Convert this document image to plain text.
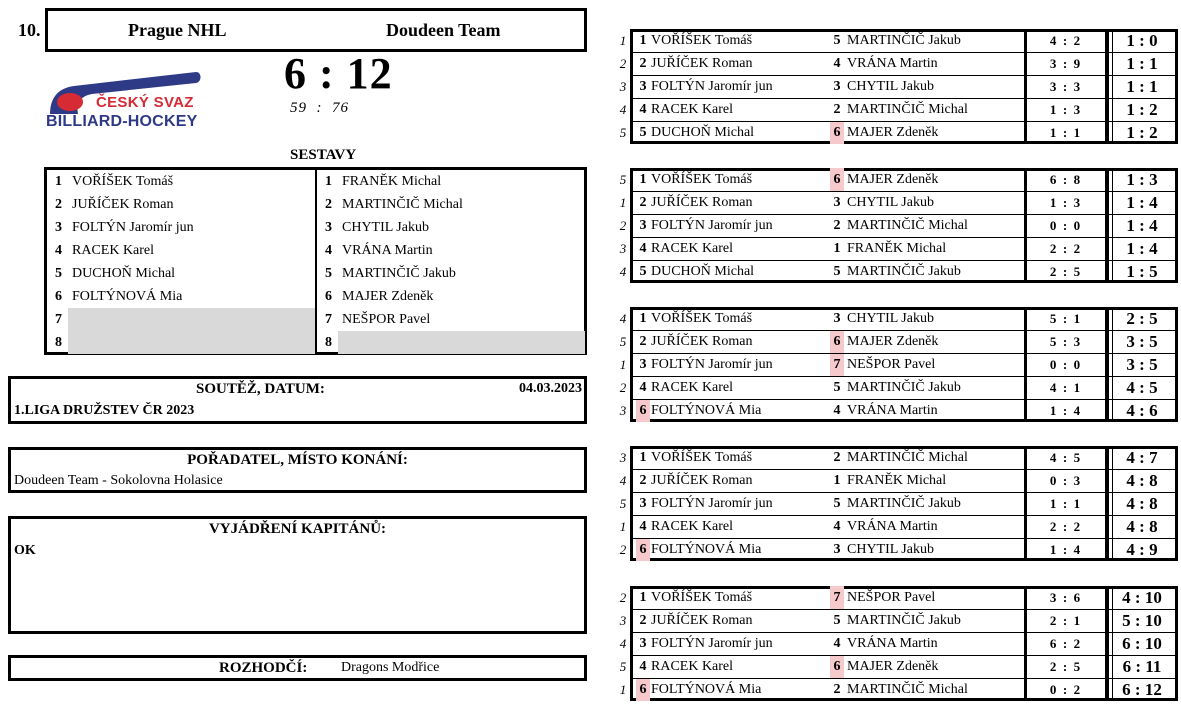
10.	Prague NHL	Doudeen Team
ČESKÝ SVAZ
BILLIARD-HOCKEY
6 : 12
59  :  76
SESTAVY
1 VOŘÍŠEK Tomáš
2 JUŘÍČEK Roman
3 FOLTÝN Jaromír jun
4 RACEK Karel
5 DUCHOŇ Michal
6 FOLTÝNOVÁ Mia
7
8
1 FRANĚK Michal
2 MARTINČIČ Michal
3 CHYTIL Jakub
4 VRÁNA Martin
5 MARTINČIČ Jakub
6 MAJER Zdeněk
7 NEŠPOR Pavel
8
SOUTĚŽ, DATUM:	04.03.2023
1.LIGA DRUŽSTEV ČR 2023
POŘADATEL, MÍSTO KONÁNÍ:
Doudeen Team - Sokolovna Holasice
VYJÁDŘENÍ KAPITÁNŮ:
OK
ROZHODČÍ: Dragons Modřice
1 1 VOŘÍŠEK Tomáš	5 MARTINČIČ Jakub	4  :  2	1 : 0
2 2 JUŘÍČEK Roman	4 VRÁNA Martin	3  :  9	1 : 1
3 3 FOLTÝN Jaromír jun	3 CHYTIL Jakub	3  :  3	1 : 1
4 4 RACEK Karel	2 MARTINČIČ Michal	1  :  3	1 : 2
5 5 DUCHOŇ Michal	6 MAJER Zdeněk	1  :  1	1 : 2
5 1 VOŘÍŠEK Tomáš	6 MAJER Zdeněk	6  :  8	1 : 3
1 2 JUŘÍČEK Roman	3 CHYTIL Jakub	1  :  3	1 : 4
2 3 FOLTÝN Jaromír jun	2 MARTINČIČ Michal	0  :  0	1 : 4
3 4 RACEK Karel	1 FRANĚK Michal	2  :  2	1 : 4
4 5 DUCHOŇ Michal	5 MARTINČIČ Jakub	2  :  5	1 : 5
4 1 VOŘÍŠEK Tomáš	3 CHYTIL Jakub	5  :  1	2 : 5
5 2 JUŘÍČEK Roman	6 MAJER Zdeněk	5  :  3	3 : 5
1 3 FOLTÝN Jaromír jun	7 NEŠPOR Pavel	0  :  0	3 : 5
2 4 RACEK Karel	5 MARTINČIČ Jakub	4  :  1	4 : 5
3 6 FOLTÝNOVÁ Mia	4 VRÁNA Martin	1  :  4	4 : 6
3 1 VOŘÍŠEK Tomáš	2 MARTINČIČ Michal	4  :  5	4 : 7
4 2 JUŘÍČEK Roman	1 FRANĚK Michal	0  :  3	4 : 8
5 3 FOLTÝN Jaromír jun	5 MARTINČIČ Jakub	1  :  1	4 : 8
1 4 RACEK Karel	4 VRÁNA Martin	2  :  2	4 : 8
2 6 FOLTÝNOVÁ Mia	3 CHYTIL Jakub	1  :  4	4 : 9
2 1 VOŘÍŠEK Tomáš	7 NEŠPOR Pavel	3  :  6	4 : 10
3 2 JUŘÍČEK Roman	5 MARTINČIČ Jakub	2  :  1	5 : 10
4 3 FOLTÝN Jaromír jun	4 VRÁNA Martin	6  :  2	6 : 10
5 4 RACEK Karel	6 MAJER Zdeněk	2  :  5	6 : 11
1 6 FOLTÝNOVÁ Mia	2 MARTINČIČ Michal	0  :  2	6 : 12
